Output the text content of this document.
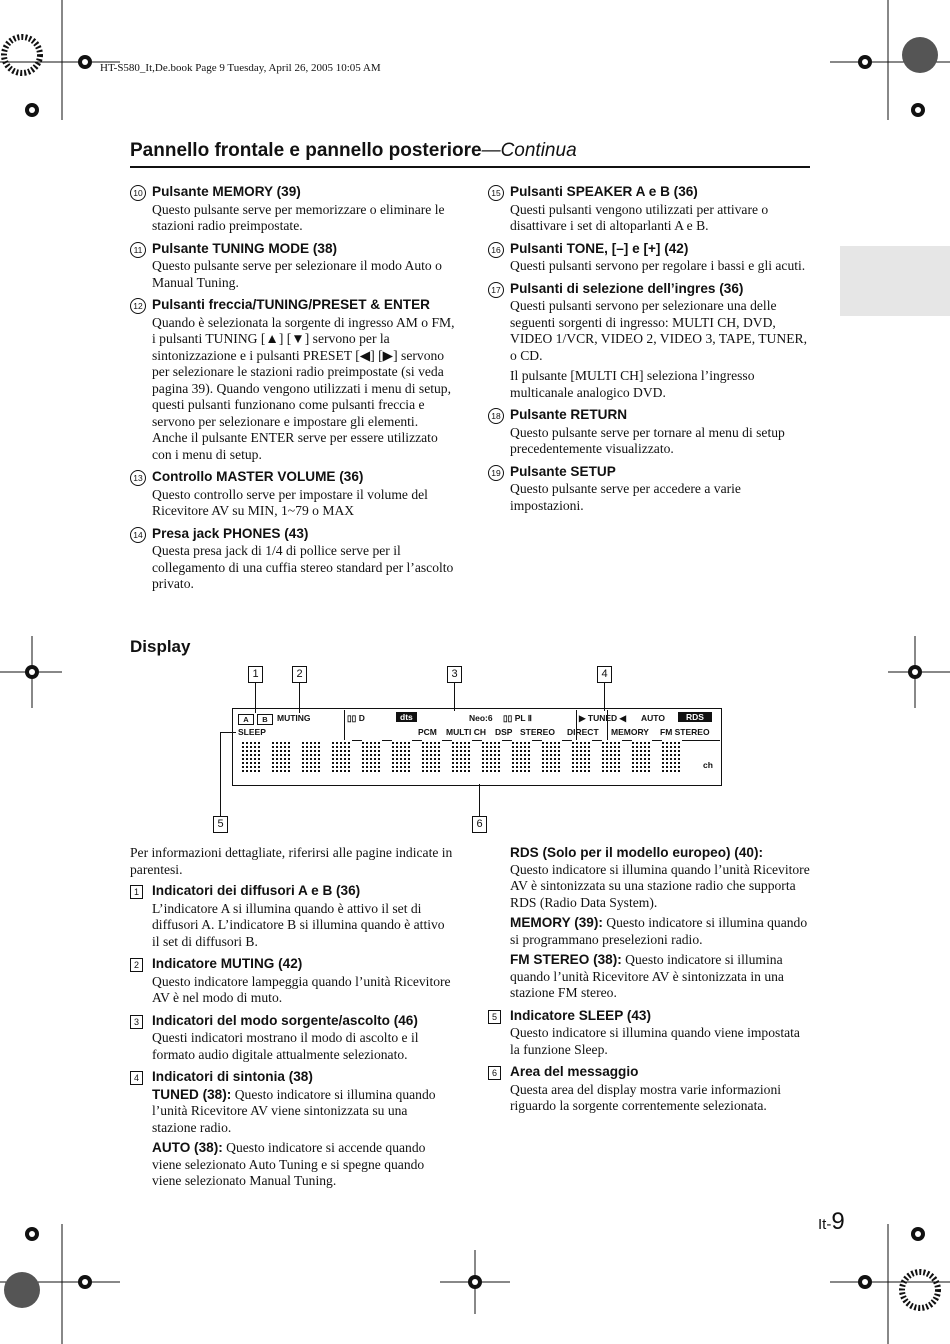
HT-S580_It,De.book Page 9 Tuesday, April 26, 2005 10:05 AM
Pannello frontale e pannello posteriore—Continua
10 Pulsante MEMORY (39)
Questo pulsante serve per memorizzare o eliminare le stazioni radio preimpostate.
11 Pulsante TUNING MODE (38)
Questo pulsante serve per selezionare il modo Auto o Manual Tuning.
12 Pulsanti freccia/TUNING/PRESET & ENTER
Quando è selezionata la sorgente di ingresso AM o FM, i pulsanti TUNING [▲] [▼] servono per la sintonizzazione e i pulsanti PRESET [◀] [▶] servono per selezionare le stazioni radio preimpostate (si veda pagina 39). Quando vengono utilizzati i menu di setup, questi pulsanti funzionano come pulsanti freccia e servono per selezionare e impostare gli elementi. Anche il pulsante ENTER serve per essere utilizzato con i menu di setup.
13 Controllo MASTER VOLUME (36)
Questo controllo serve per impostare il volume del Ricevitore AV su MIN, 1~79 o MAX
14 Presa jack PHONES (43)
Questa presa jack di 1/4 di pollice serve per il collegamento di una cuffia stereo standard per l’ascolto privato.
15 Pulsanti SPEAKER A e B (36)
Questi pulsanti vengono utilizzati per attivare o disattivare i set di altoparlanti A e B.
16 Pulsanti TONE, [–] e [+] (42)
Questi pulsanti servono per regolare i bassi e gli acuti.
17 Pulsanti di selezione dell’ingres (36)

Questi pulsanti servono per selezionare una delle seguenti sorgenti di ingresso: MULTI CH, DVD, VIDEO 1/VCR, VIDEO 2, VIDEO 3, TAPE, TUNER, o CD.

Il pulsante [MULTI CH] seleziona l’ingresso multicanale analogico DVD.

18 Pulsante RETURN
Questo pulsante serve per tornare al menu di setup precedentemente visualizzato.
19 Pulsante SETUP
Questo pulsante serve per accedere a varie impostazioni.
Display
1	2	3	4
5	6
A	B	MUTING
SLEEP
▯▯ D	dts	Neo:6 ▯▯ PL Ⅱ
PCM MULTI CH DSP STEREO DIRECT
▶ TUNED ◀ AUTO	RDS
MEMORY FM STEREO
ch
Per informazioni dettagliate, riferirsi alle pagine indicate in parentesi.
1 Indicatori dei diffusori A e B (36)
L’indicatore A si illumina quando è attivo il set di diffusori A. L’indicatore B si illumina quando è attivo il set di diffusori B.
2 Indicatore MUTING (42)
Questo indicatore lampeggia quando l’unità Ricevitore AV è nel modo di muto.
3 Indicatori del modo sorgente/ascolto (46)
Questi indicatori mostrano il modo di ascolto e il formato audio digitale attualmente selezionato.
4 Indicatori di sintonia (38)

TUNED (38): Questo indicatore si illumina quando l’unità Ricevitore AV viene sintonizzata su una stazione radio.

AUTO (38): Questo indicatore si accende quando viene selezionato Auto Tuning e si spegne quando viene selezionato Manual Tuning.

RDS (Solo per il modello europeo) (40):
Questo indicatore si illumina quando l’unità Ricevitore AV è sintonizzata su una stazione radio che supporta RDS (Radio Data System).

MEMORY (39): Questo indicatore si illumina quando si programmano preselezioni radio.

FM STEREO (38): Questo indicatore si illumina quando l’unità Ricevitore AV è sintonizzata in una stazione FM stereo.

5 Indicatore SLEEP (43)
Questo indicatore si illumina quando viene impostata la funzione Sleep.
6 Area del messaggio
Questa area del display mostra varie informazioni riguardo la sorgente correntemente selezionata.
It-9
